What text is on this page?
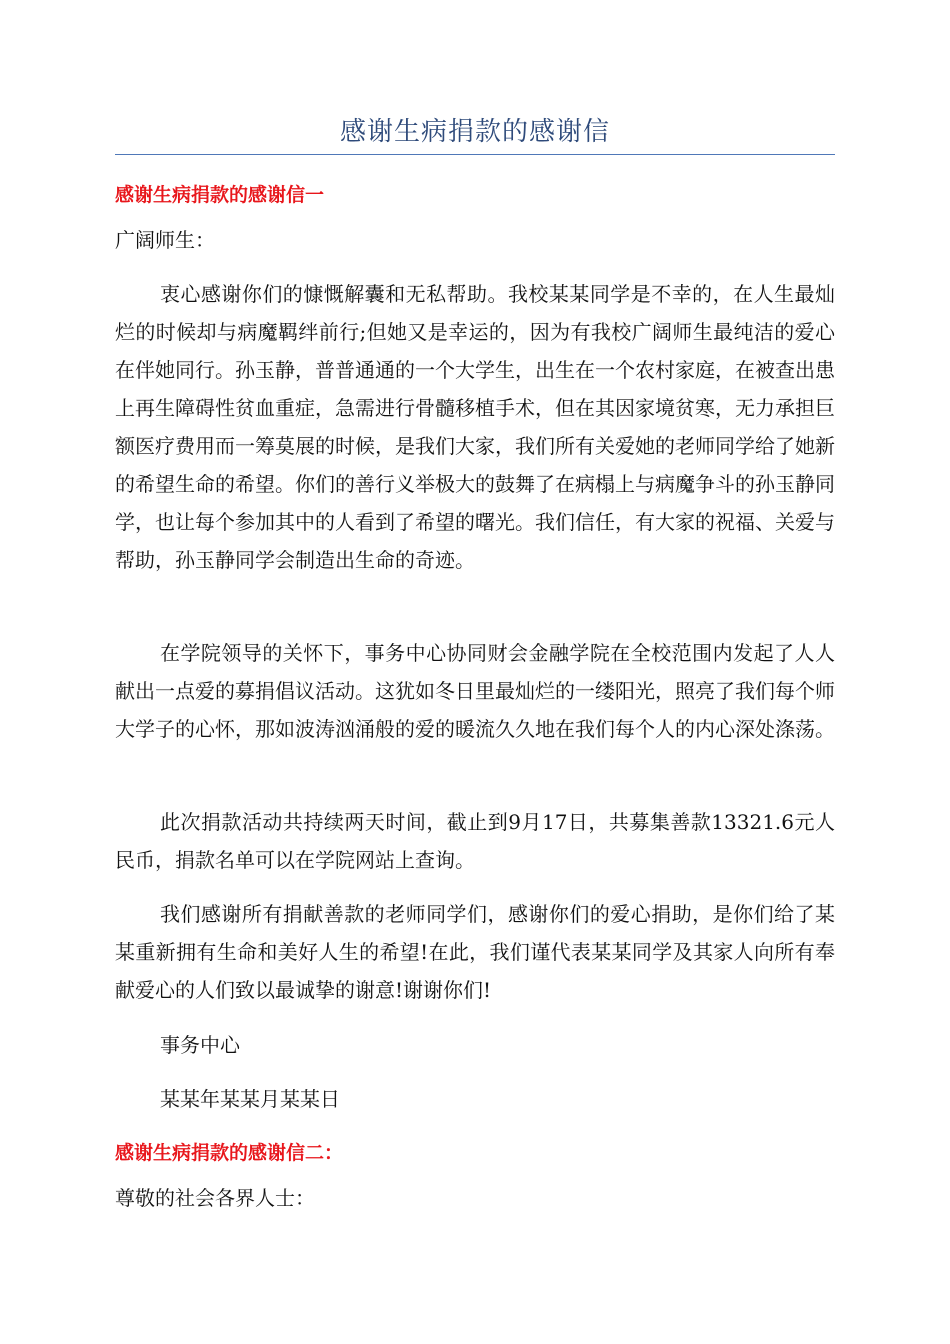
感谢生病捐款的感谢信
感谢生病捐款的感谢信一
广阔师生：
衷心感谢你们的慷慨解囊和无私帮助。我校某某同学是不幸的，在人生最灿烂的时候却与病魔羁绊前行;但她又是幸运的，因为有我校广阔师生最纯洁的爱心在伴她同行。孙玉静，普普通通的一个大学生，出生在一个农村家庭，在被查出患上再生障碍性贫血重症，急需进行骨髓移植手术，但在其因家境贫寒，无力承担巨额医疗费用而一筹莫展的时候，是我们大家，我们所有关爱她的老师同学给了她新的希望生命的希望。你们的善行义举极大的鼓舞了在病榻上与病魔争斗的孙玉静同学，也让每个参加其中的人看到了希望的曙光。我们信任，有大家的祝福、关爱与帮助，孙玉静同学会制造出生命的奇迹。
在学院领导的关怀下，事务中心协同财会金融学院在全校范围内发起了人人献出一点爱的募捐倡议活动。这犹如冬日里最灿烂的一缕阳光，照亮了我们每个师大学子的心怀，那如波涛汹涌般的爱的暖流久久地在我们每个人的内心深处涤荡。
此次捐款活动共持续两天时间，截止到9月17日，共募集善款13321.6元人民币，捐款名单可以在学院网站上查询。
我们感谢所有捐献善款的老师同学们，感谢你们的爱心捐助，是你们给了某某重新拥有生命和美好人生的希望!在此，我们谨代表某某同学及其家人向所有奉献爱心的人们致以最诚挚的谢意!谢谢你们!
事务中心
某某年某某月某某日
感谢生病捐款的感谢信二：
尊敬的社会各界人士：
